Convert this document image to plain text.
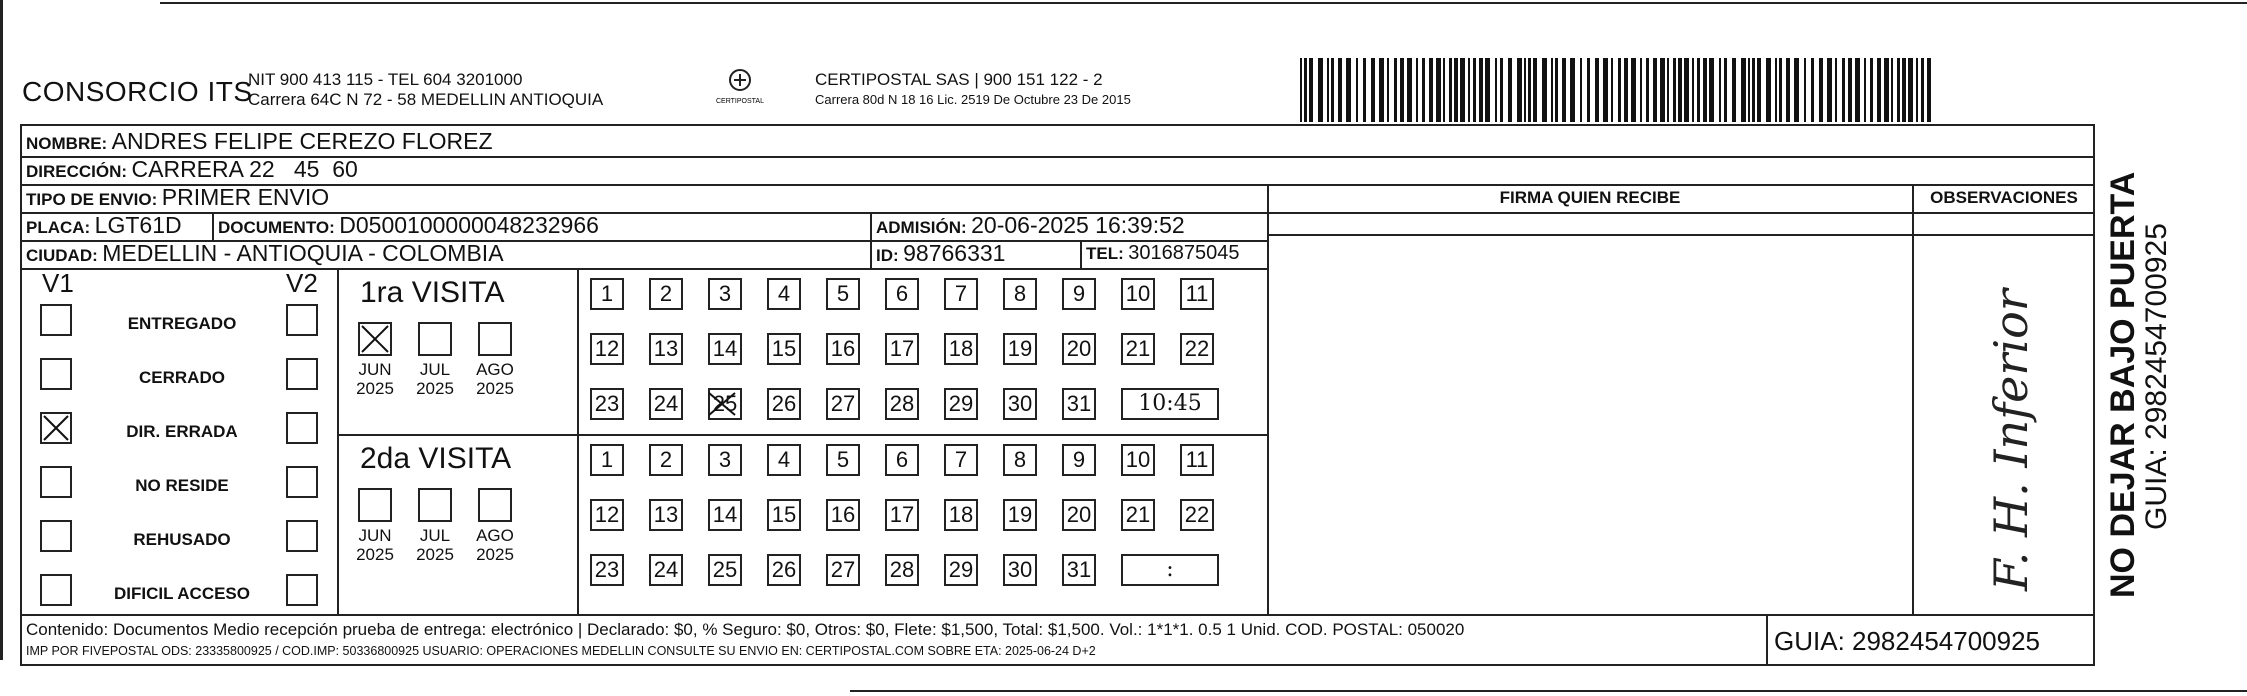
CONSORCIO ITS
NIT 900 413 115 - TEL 604 3201000
Carrera 64C N 72 - 58 MEDELLIN ANTIOQUIA	CERTIPOSTAL
CERTIPOSTAL SAS | 900 151 122 - 2
Carrera 80d N 18 16 Lic. 2519 De Octubre 23 De 2015
NOMBRE: ANDRES FELIPE CEREZO FLOREZ
DIRECCIÓN: CARRERA 22   45  60
TIPO DE ENVIO: PRIMER ENVIO	FIRMA QUIEN RECIBE	OBSERVACIONES
PLACA: LGT61D DOCUMENTO: D0500100000048232966	ADMISIÓN: 20-06-2025 16:39:52
CIUDAD: MEDELLIN - ANTIOQUIA - COLOMBIA	ID: 98766331	TEL: 3016875045
V1	V2 1ra VISITA
2da VISITA	F. H. Inferior
Contenido: Documentos Medio recepción prueba de entrega: electrónico | Declarado: $0, % Seguro: $0, Otros: $0, Flete: $1,500, Total: $1,500. Vol.: 1*1*1. 0.5 1 Unid. COD. POSTAL: 050020
IMP POR FIVEPOSTAL ODS: 23335800925 / COD.IMP: 50336800925 USUARIO: OPERACIONES MEDELLIN CONSULTE SU ENVIO EN: CERTIPOSTAL.COM SOBRE ETA: 2025-06-24 D+2	GUIA: 2982454700925
ENTREGADO
CERRADO
DIR. ERRADA
NO RESIDE
REHUSADO
DIFICIL ACCESO
JUN
2025
JUL
2025
AGO
2025
1	2	3	4	5	6	7	8	9	10 11
12 13 14 15 16 17 18 19 20 21 22
23 24 25 26 27 28 29 30 31	10:45
JUN
2025
JUL
2025
AGO
2025
1	2	3	4	5	6	7	8	9	10 11
12 13 14 15 16 17 18 19 20 21 22
23 24 25 26 27 28 29 30 31	:	NO DEJAR BAJO PUERTA
GUIA: 2982454700925
